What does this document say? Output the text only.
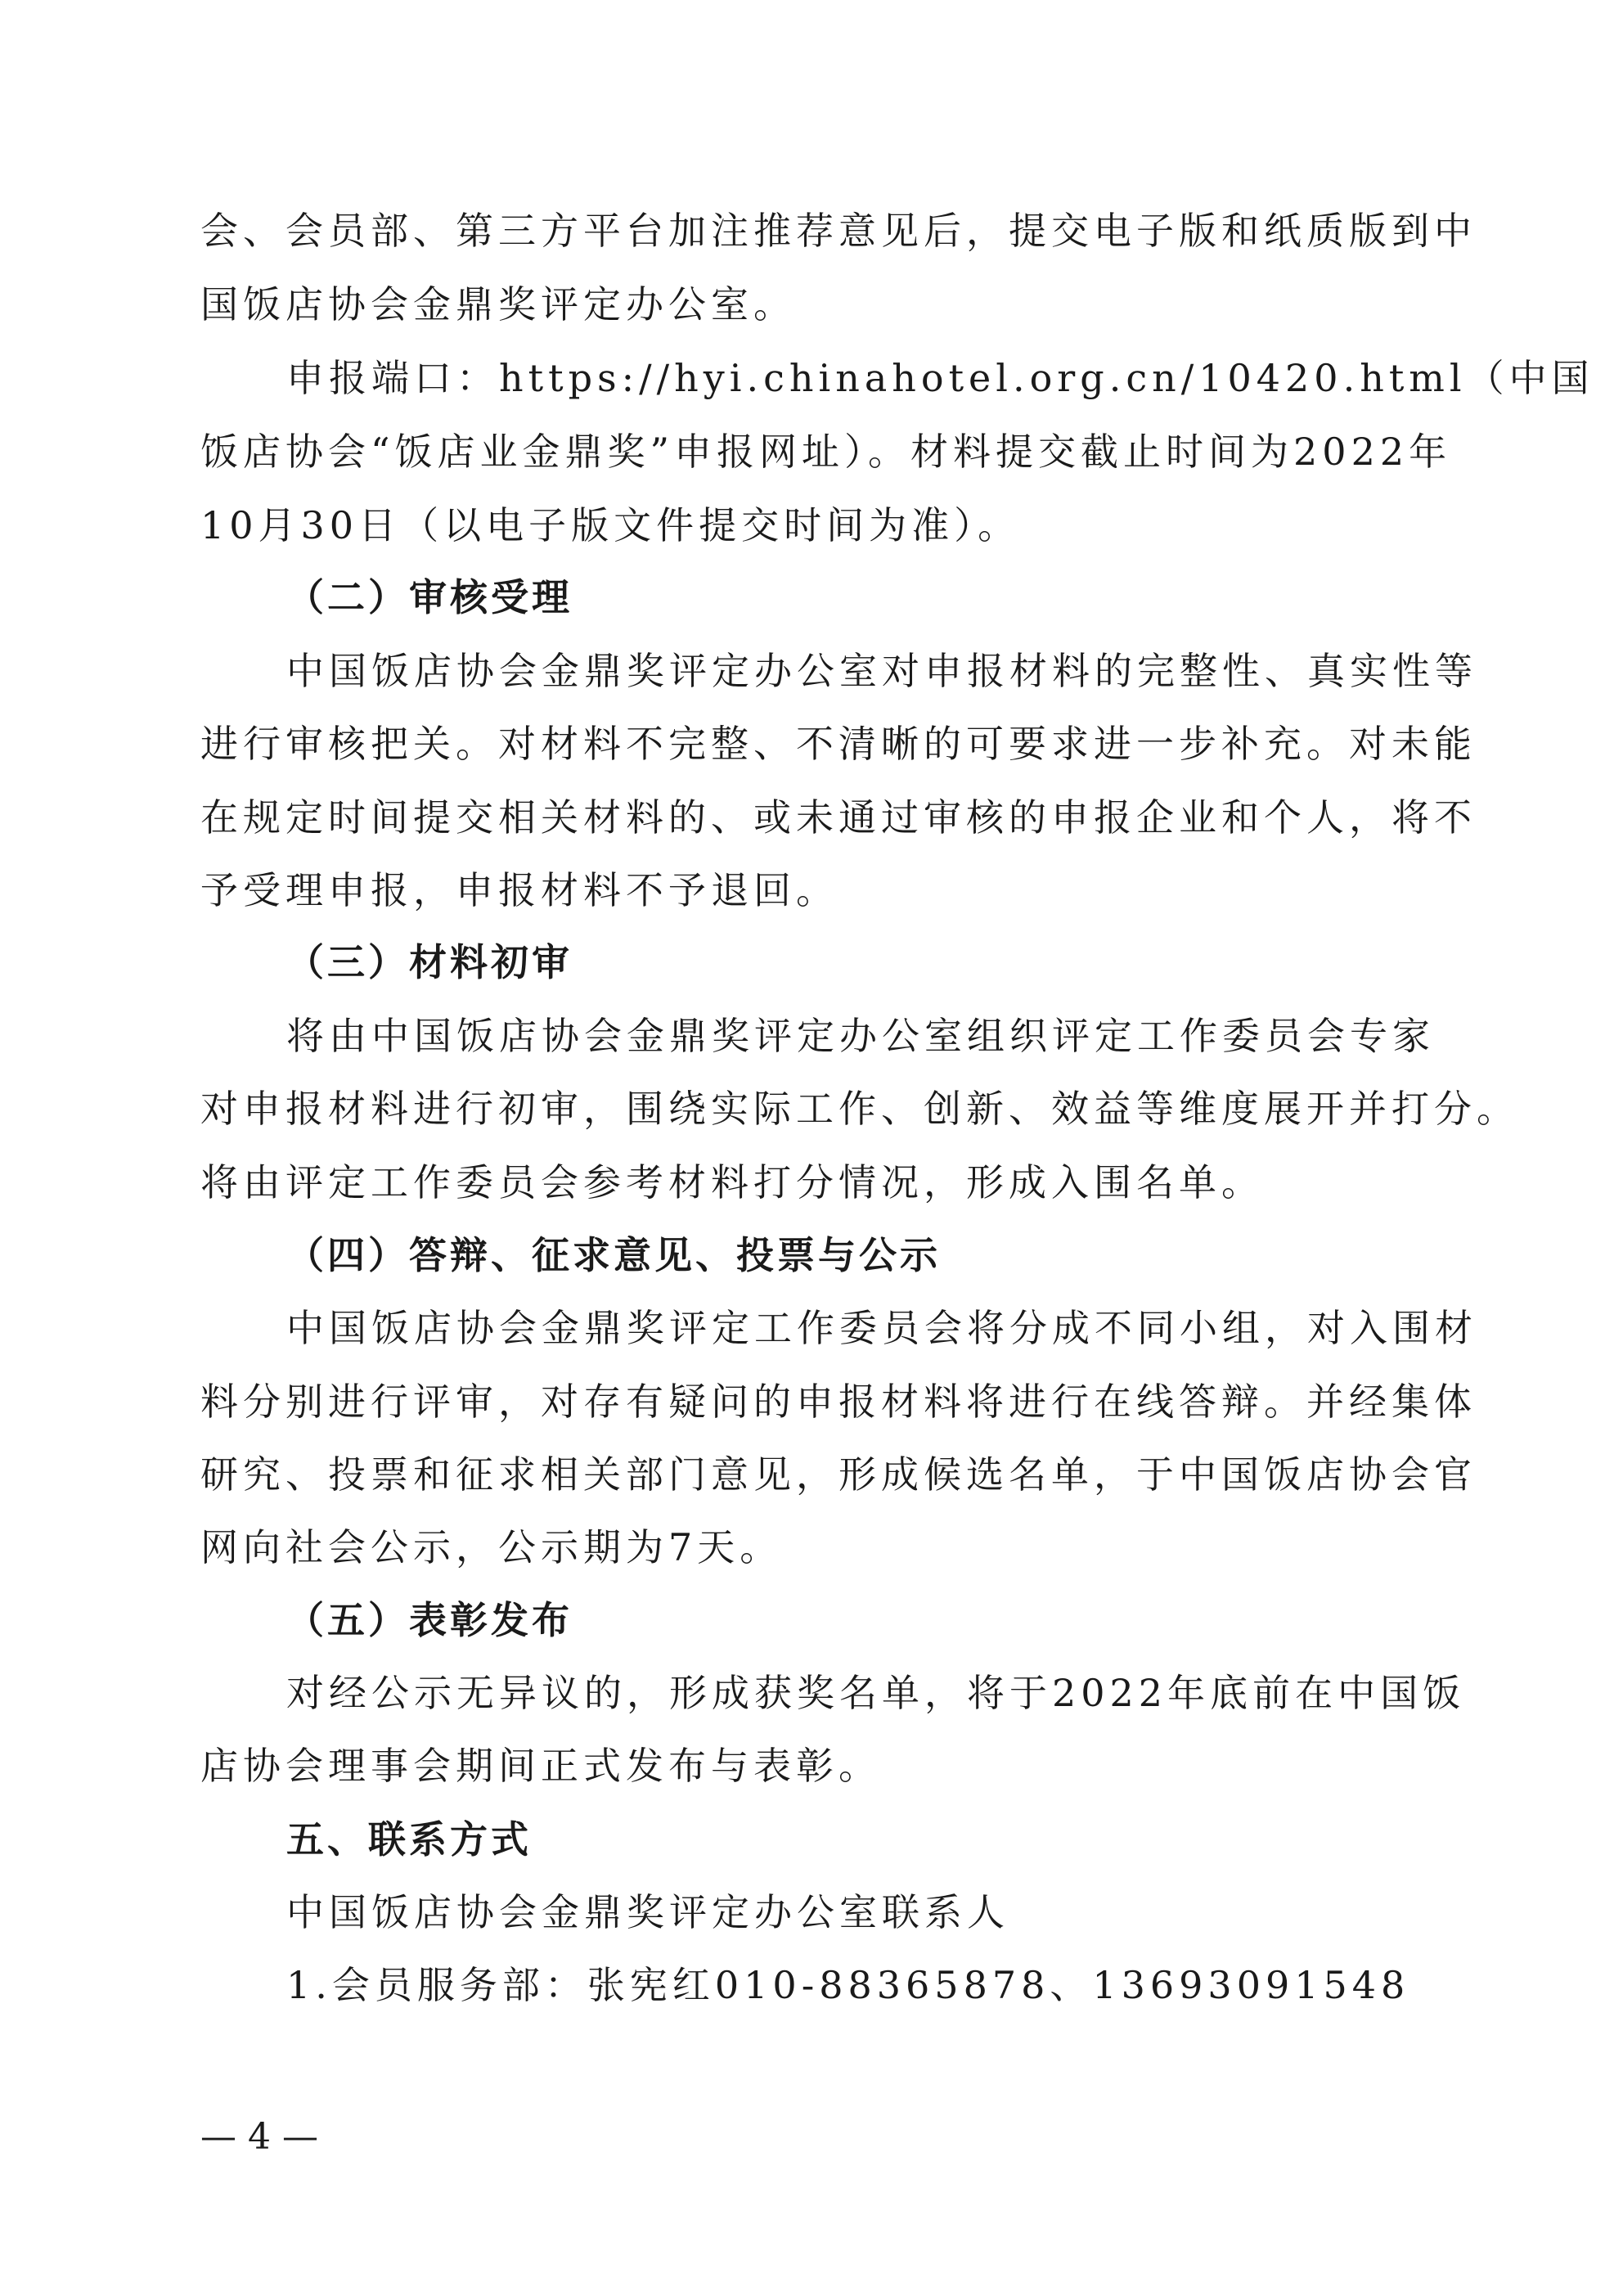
会、会员部、第三方平台加注推荐意见后，提交电子版和纸质版到中
国饭店协会金鼎奖评定办公室。
申报端口：https://hyi.chinahotel.org.cn/10420.html（中国
饭店协会“饭店业金鼎奖”申报网址）。材料提交截止时间为2022年
10月30日（以电子版文件提交时间为准）。
（二）审核受理
中国饭店协会金鼎奖评定办公室对申报材料的完整性、真实性等
进行审核把关。对材料不完整、不清晰的可要求进一步补充。对未能
在规定时间提交相关材料的、或未通过审核的申报企业和个人，将不
予受理申报，申报材料不予退回。
（三）材料初审
将由中国饭店协会金鼎奖评定办公室组织评定工作委员会专家
对申报材料进行初审，围绕实际工作、创新、效益等维度展开并打分。
将由评定工作委员会参考材料打分情况，形成入围名单。
（四）答辩、征求意见、投票与公示
中国饭店协会金鼎奖评定工作委员会将分成不同小组，对入围材
料分别进行评审，对存有疑问的申报材料将进行在线答辩。并经集体
研究、投票和征求相关部门意见，形成候选名单，于中国饭店协会官
网向社会公示，公示期为7天。
（五）表彰发布
对经公示无异议的，形成获奖名单，将于2022年底前在中国饭
店协会理事会期间正式发布与表彰。
五、联系方式
中国饭店协会金鼎奖评定办公室联系人
1.会员服务部：张宪红010-88365878、13693091548
— 4 —
